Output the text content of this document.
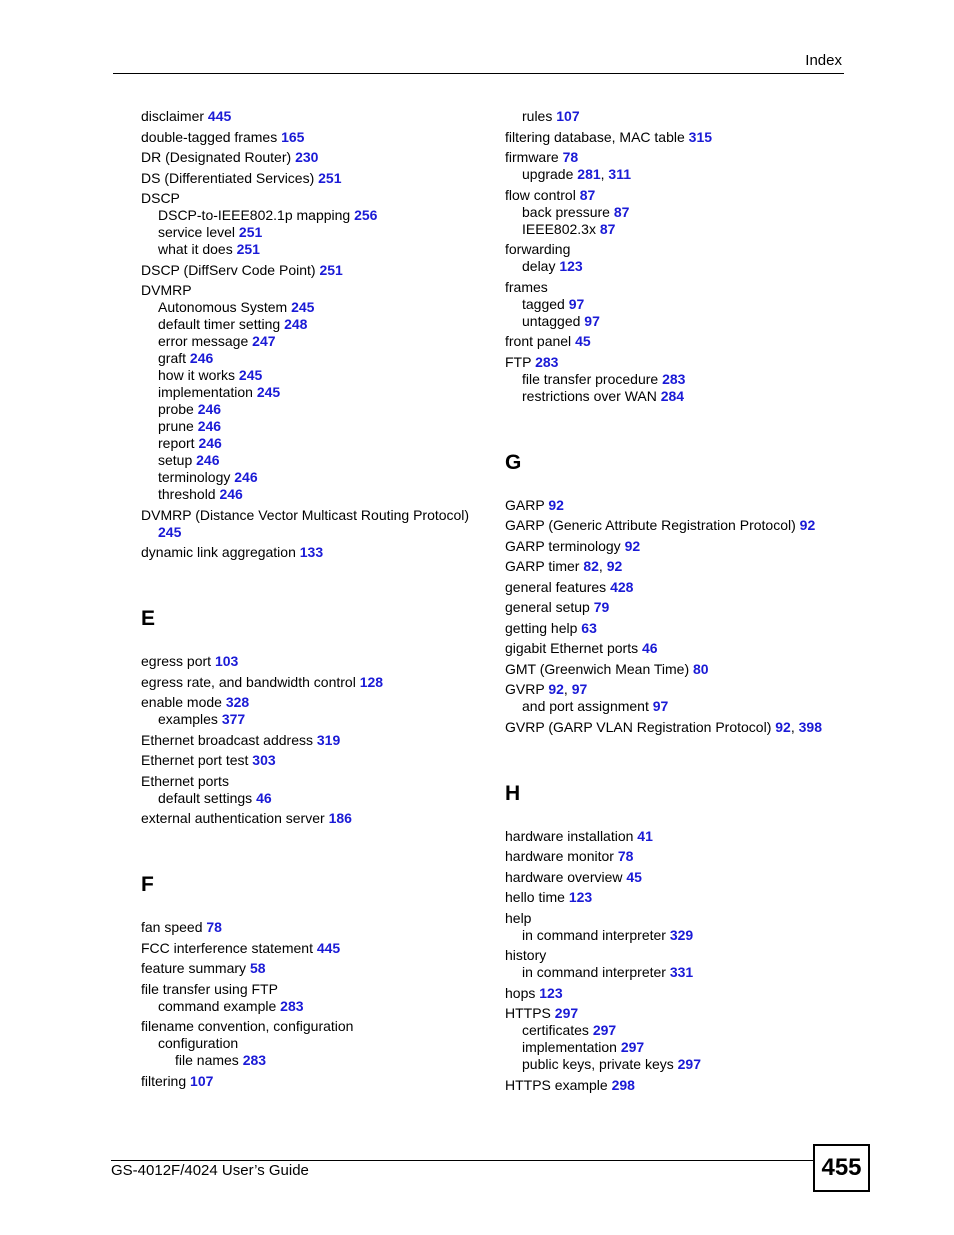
Index
disclaimer 445
double-tagged frames 165
DR (Designated Router) 230
DS (Differentiated Services) 251
DSCP
DSCP-to-IEEE802.1p mapping 256
service level 251
what it does 251
DSCP (DiffServ Code Point) 251
DVMRP
Autonomous System 245
default timer setting 248
error message 247
graft 246
how it works 245
implementation 245
probe 246
prune 246
report 246
setup 246
terminology 246
threshold 246
DVMRP (Distance Vector Multicast Routing Protocol)
245
dynamic link aggregation 133
E
egress port 103
egress rate, and bandwidth control 128
enable mode 328
examples 377
Ethernet broadcast address 319
Ethernet port test 303
Ethernet ports
default settings 46
external authentication server 186
F
fan speed 78
FCC interference statement 445
feature summary 58
file transfer using FTP
command example 283
filename convention, configuration
configuration
file names 283
filtering 107
rules 107
filtering database, MAC table 315
firmware 78
upgrade 281, 311
flow control 87
back pressure 87
IEEE802.3x 87
forwarding
delay 123
frames
tagged 97
untagged 97
front panel 45
FTP 283
file transfer procedure 283
restrictions over WAN 284
G
GARP 92
GARP (Generic Attribute Registration Protocol) 92
GARP terminology 92
GARP timer 82, 92
general features 428
general setup 79
getting help 63
gigabit Ethernet ports 46
GMT (Greenwich Mean Time) 80
GVRP 92, 97
and port assignment 97
GVRP (GARP VLAN Registration Protocol) 92, 398
H
hardware installation 41
hardware monitor 78
hardware overview 45
hello time 123
help
in command interpreter 329
history
in command interpreter 331
hops 123
HTTPS 297
certificates 297
implementation 297
public keys, private keys 297
HTTPS example 298
GS-4012F/4024 User’s Guide	455
